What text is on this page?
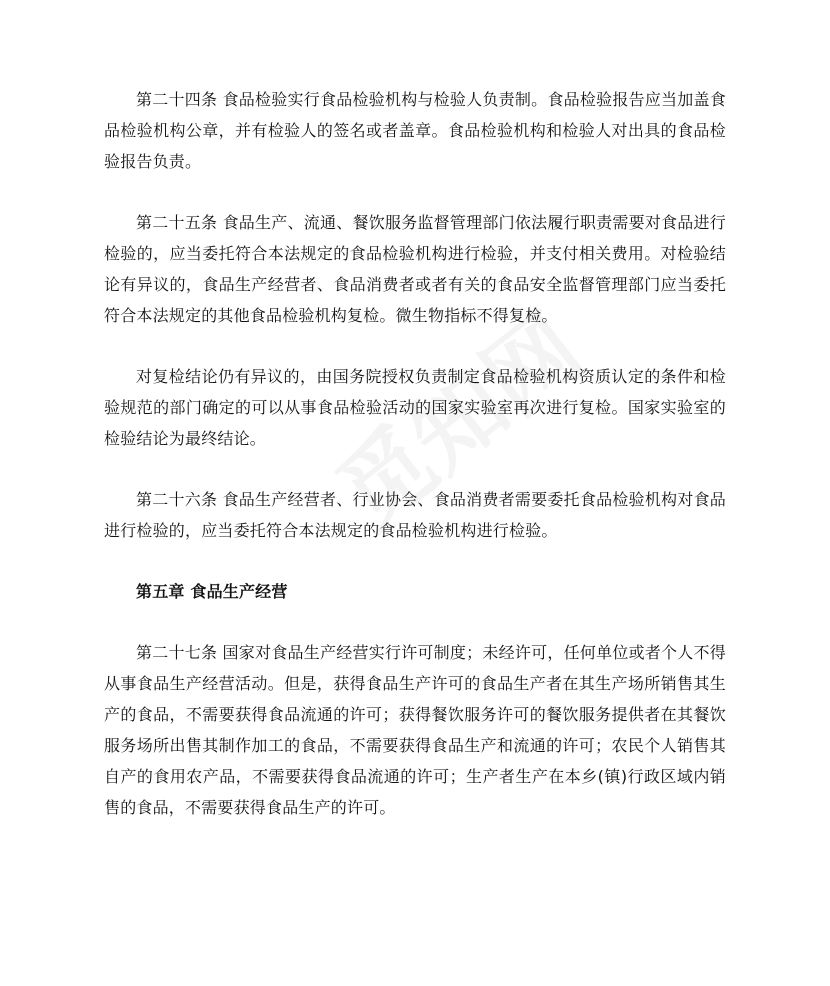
第二十四条 食品检验实行食品检验机构与检验人负责制。食品检验报告应当加盖食品检验机构公章，并有检验人的签名或者盖章。食品检验机构和检验人对出具的食品检验报告负责。

第二十五条 食品生产、流通、餐饮服务监督管理部门依法履行职责需要对食品进行检验的，应当委托符合本法规定的食品检验机构进行检验，并支付相关费用。对检验结论有异议的，食品生产经营者、食品消费者或者有关的食品安全监督管理部门应当委托符合本法规定的其他食品检验机构复检。微生物指标不得复检。

对复检结论仍有异议的，由国务院授权负责制定食品检验机构资质认定的条件和检验规范的部门确定的可以从事食品检验活动的国家实验室再次进行复检。国家实验室的检验结论为最终结论。

第二十六条 食品生产经营者、行业协会、食品消费者需要委托食品检验机构对食品进行检验的，应当委托符合本法规定的食品检验机构进行检验。

第五章 食品生产经营

第二十七条 国家对食品生产经营实行许可制度；未经许可，任何单位或者个人不得从事食品生产经营活动。但是，获得食品生产许可的食品生产者在其生产场所销售其生产的食品，不需要获得食品流通的许可；获得餐饮服务许可的餐饮服务提供者在其餐饮服务场所出售其制作加工的食品，不需要获得食品生产和流通的许可；农民个人销售其自产的食用农产品，不需要获得食品流通的许可；生产者生产在本乡(镇)行政区域内销售的食品，不需要获得食品生产的许可。
